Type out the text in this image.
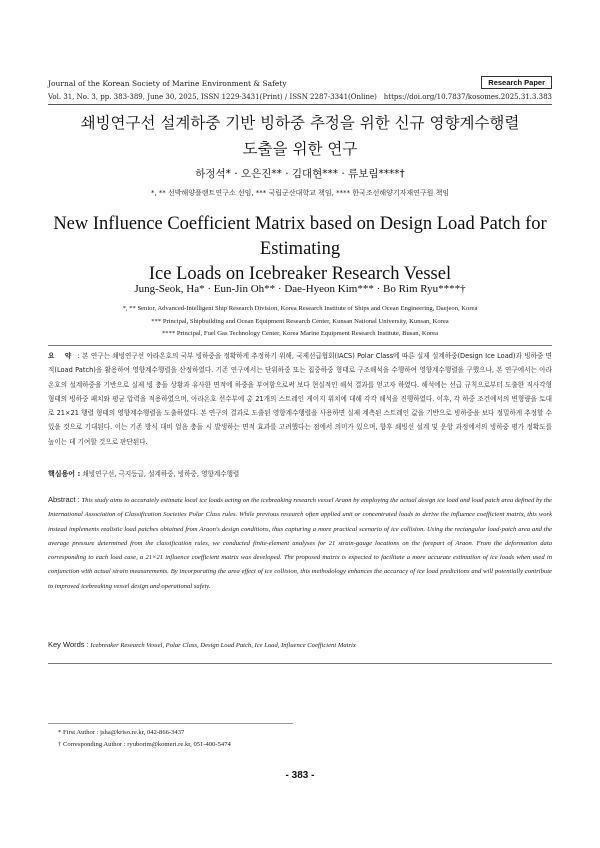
Journal of the Korean Society of Marine Environment & Safety	Research Paper
Vol. 31, No. 3, pp. 383-389, June 30, 2025, ISSN 1229-3431(Print) / ISSN 2287-3341(Online) https://doi.org/10.7837/kosomes.2025.31.3.383
쇄빙연구선 설계하중 기반 빙하중 추정을 위한 신규 영향계수행렬
도출을 위한 연구
하정석* · 오은진** · 김대현*** · 류보림****†
*, ** 선박해양플랜트연구소 선임, *** 국립군산대학교 책임, **** 한국조선해양기자재연구원 책임
New Influence Coefficient Matrix based on Design Load Patch for Estimating
Ice Loads on Icebreaker Research Vessel
Jung-Seok, Ha* · Eun-Jin Oh** · Dae-Hyeon Kim*** · Bo Rim Ryu****†
*, ** Senior, Advanced-Intelligent Ship Research Division, Korea Research Institute of Ships and Ocean Engineering, Daejeon, Korea
*** Principal, Shipbuilding and Ocean Equipment Research Center, Kunsan National University, Kunsan, Korea
**** Principal, Fuel Gas Technology Center, Korea Marine Equipment Research Institute, Busan, Korea
요 약 : 본 연구는 쇄빙연구선 아라온호의 국부 빙하중을 정확하게 추정하기 위해, 국제선급협회(IACS) Polar Class에 따른 실제 설계하중(Design Ice Load)과 빙하중 면적(Load Patch)을 활용하여 영향계수행렬을 산정하였다. 기존 연구에서는 단위하중 또는 집중하중 형태로 구조해석을 수행하여 영향계수행렬을 구했으나, 본 연구에서는 아라온호의 설계하중을 기반으로 실제 빙 충돌 상황과 유사한 면적에 하중을 부여함으로써 보다 현실적인 해석 결과를 얻고자 하였다. 해석에는 선급 규칙으로부터 도출한 직사각형 형태의 빙하중 패치와 평균 압력을 적용하였으며, 아라온호 선수부에 총 21개의 스트레인 게이지 위치에 대해 각각 해석을 진행하였다. 이후, 각 하중 조건에서의 변형량을 토대로 21×21 행렬 형태의 영향계수행렬을 도출하였다. 본 연구의 결과로 도출된 영향계수행렬을 사용하면 실제 계측된 스트레인 값을 기반으로 빙하중을 보다 정밀하게 추정할 수 있을 것으로 기대된다. 이는 기존 방식 대비 얼음 충돌 시 발생하는 면적 효과를 고려했다는 점에서 의미가 있으며, 향후 쇄빙선 설계 및 운항 과정에서의 빙하중 평가 정확도를 높이는 데 기여할 것으로 판단된다.
핵심용어 : 쇄빙연구선, 극지등급, 설계하중, 빙하중, 영향계수행렬
Abstract : This study aims to accurately estimate local ice loads acting on the icebreaking research vessel Araon by employing the actual design ice load and load patch area defined by the International Association of Classification Societies Polar Class rules. While previous research often applied unit or concentrated loads to derive the influence coefficient matrix, this work instead implements realistic load patches obtained from Araon's design conditions, thus capturing a more practical scenario of ice collision. Using the rectangular load-patch area and the average pressure determined from the classification rules, we conducted finite-element analyses for 21 strain-gauge locations on the forepart of Araon. From the deformation data corresponding to each load case, a 21×21 influence coefficient matrix was developed. The proposed matrix is expected to facilitate a more accurate estimation of ice loads when used in conjunction with actual strain measurements. By incorporating the area effect of ice collision, this methodology enhances the accuracy of ice load predictions and will potentially contribute to improved icebreaking vessel design and operational safety.
Key Words : Icebreaker Research Vessel, Polar Class, Design Load Patch, Ice Load, Influence Coefficient Matrix
* First Author : jsha@kriso.re.kr, 042-866-3437
† Corresponding Author : ryuborim@komeri.re.kr, 051-400-5474
- 383 -
